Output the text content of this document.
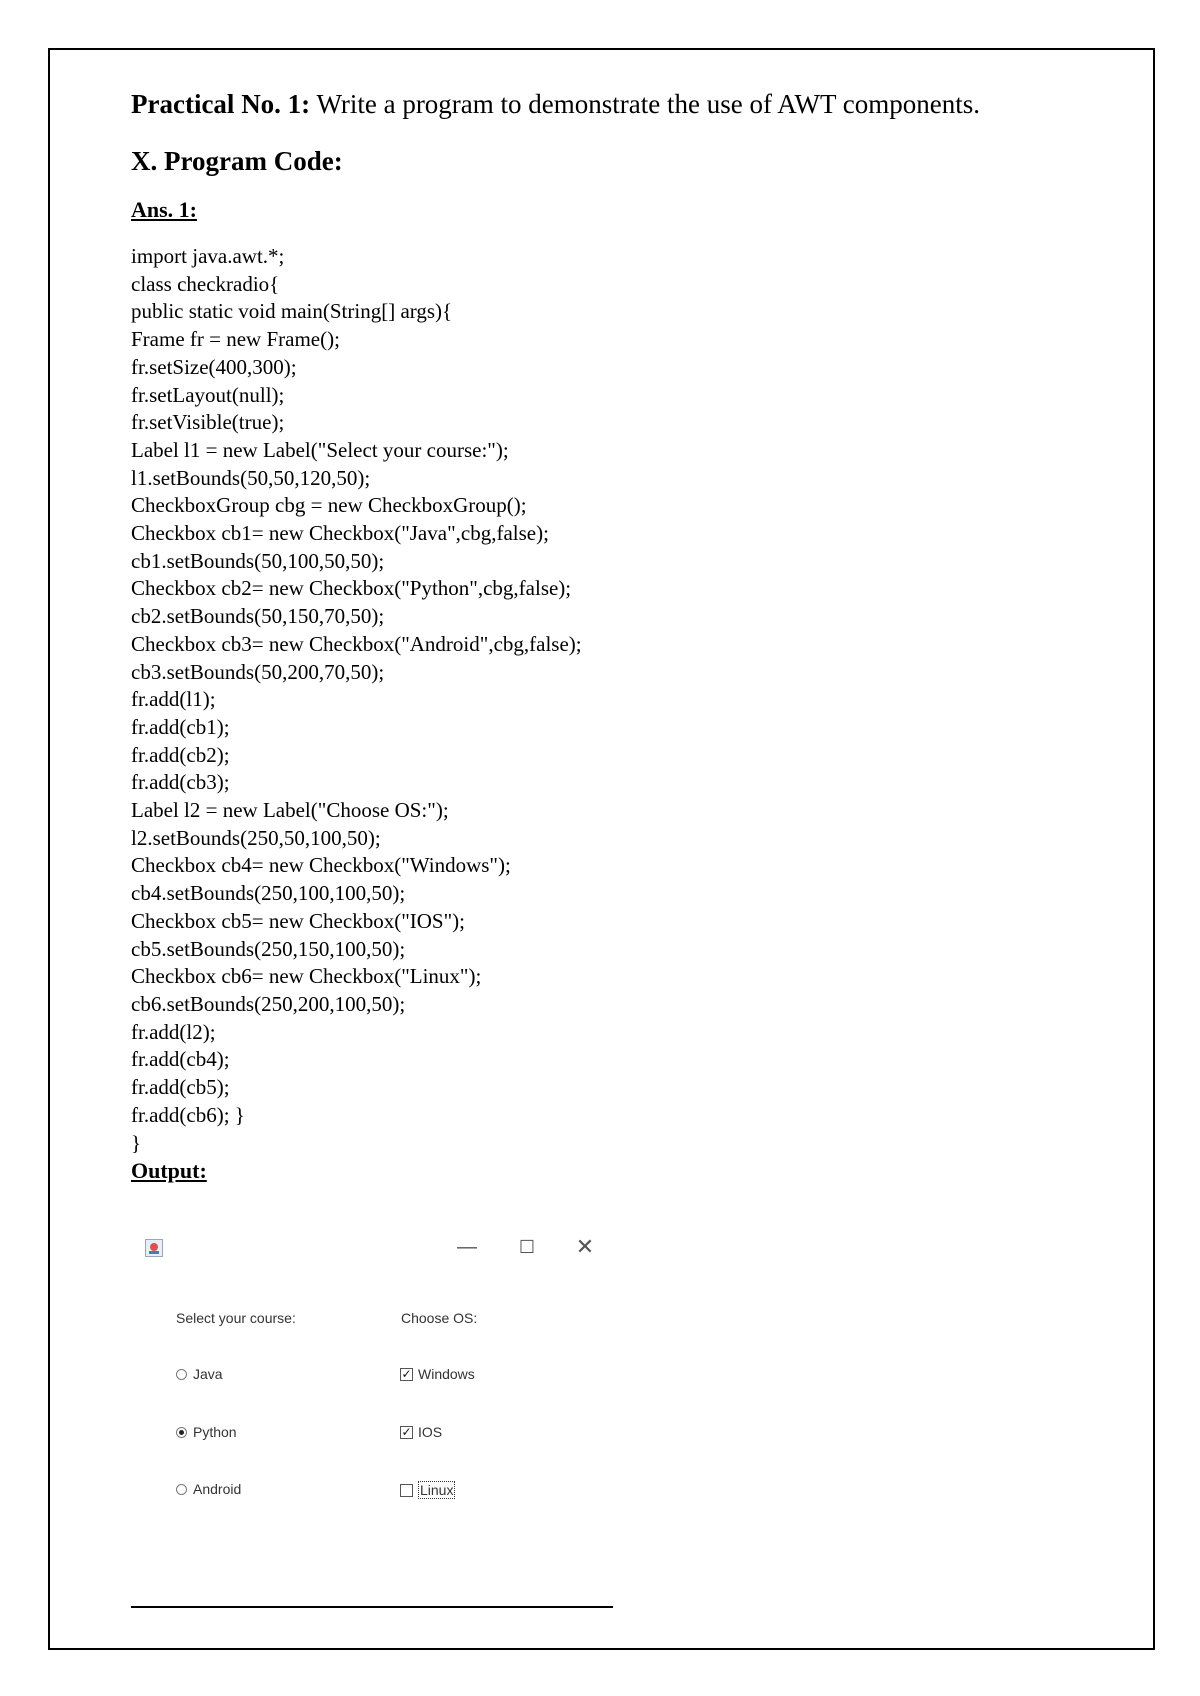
Practical No. 1: Write a program to demonstrate the use of AWT components.

X. Program Code:

Ans. 1:

import java.awt.*;
class checkradio{
public static void main(String[] args){
Frame fr = new Frame();
fr.setSize(400,300);
fr.setLayout(null);
fr.setVisible(true);
Label l1 = new Label("Select your course:");
l1.setBounds(50,50,120,50);
CheckboxGroup cbg = new CheckboxGroup();
Checkbox cb1= new Checkbox("Java",cbg,false);
cb1.setBounds(50,100,50,50);
Checkbox cb2= new Checkbox("Python",cbg,false);
cb2.setBounds(50,150,70,50);
Checkbox cb3= new Checkbox("Android",cbg,false);
cb3.setBounds(50,200,70,50);
fr.add(l1);
fr.add(cb1);
fr.add(cb2);
fr.add(cb3);
Label l2 = new Label("Choose OS:");
l2.setBounds(250,50,100,50);
Checkbox cb4= new Checkbox("Windows");
cb4.setBounds(250,100,100,50);
Checkbox cb5= new Checkbox("IOS");
cb5.setBounds(250,150,100,50);
Checkbox cb6= new Checkbox("Linux");
cb6.setBounds(250,200,100,50);
fr.add(l2);
fr.add(cb4);
fr.add(cb5);
fr.add(cb6); }
}

Output:

— ☐ ✕
Select your course:	Choose OS:
Java
Python
Android
✓ Windows
✓ IOS
Linux
